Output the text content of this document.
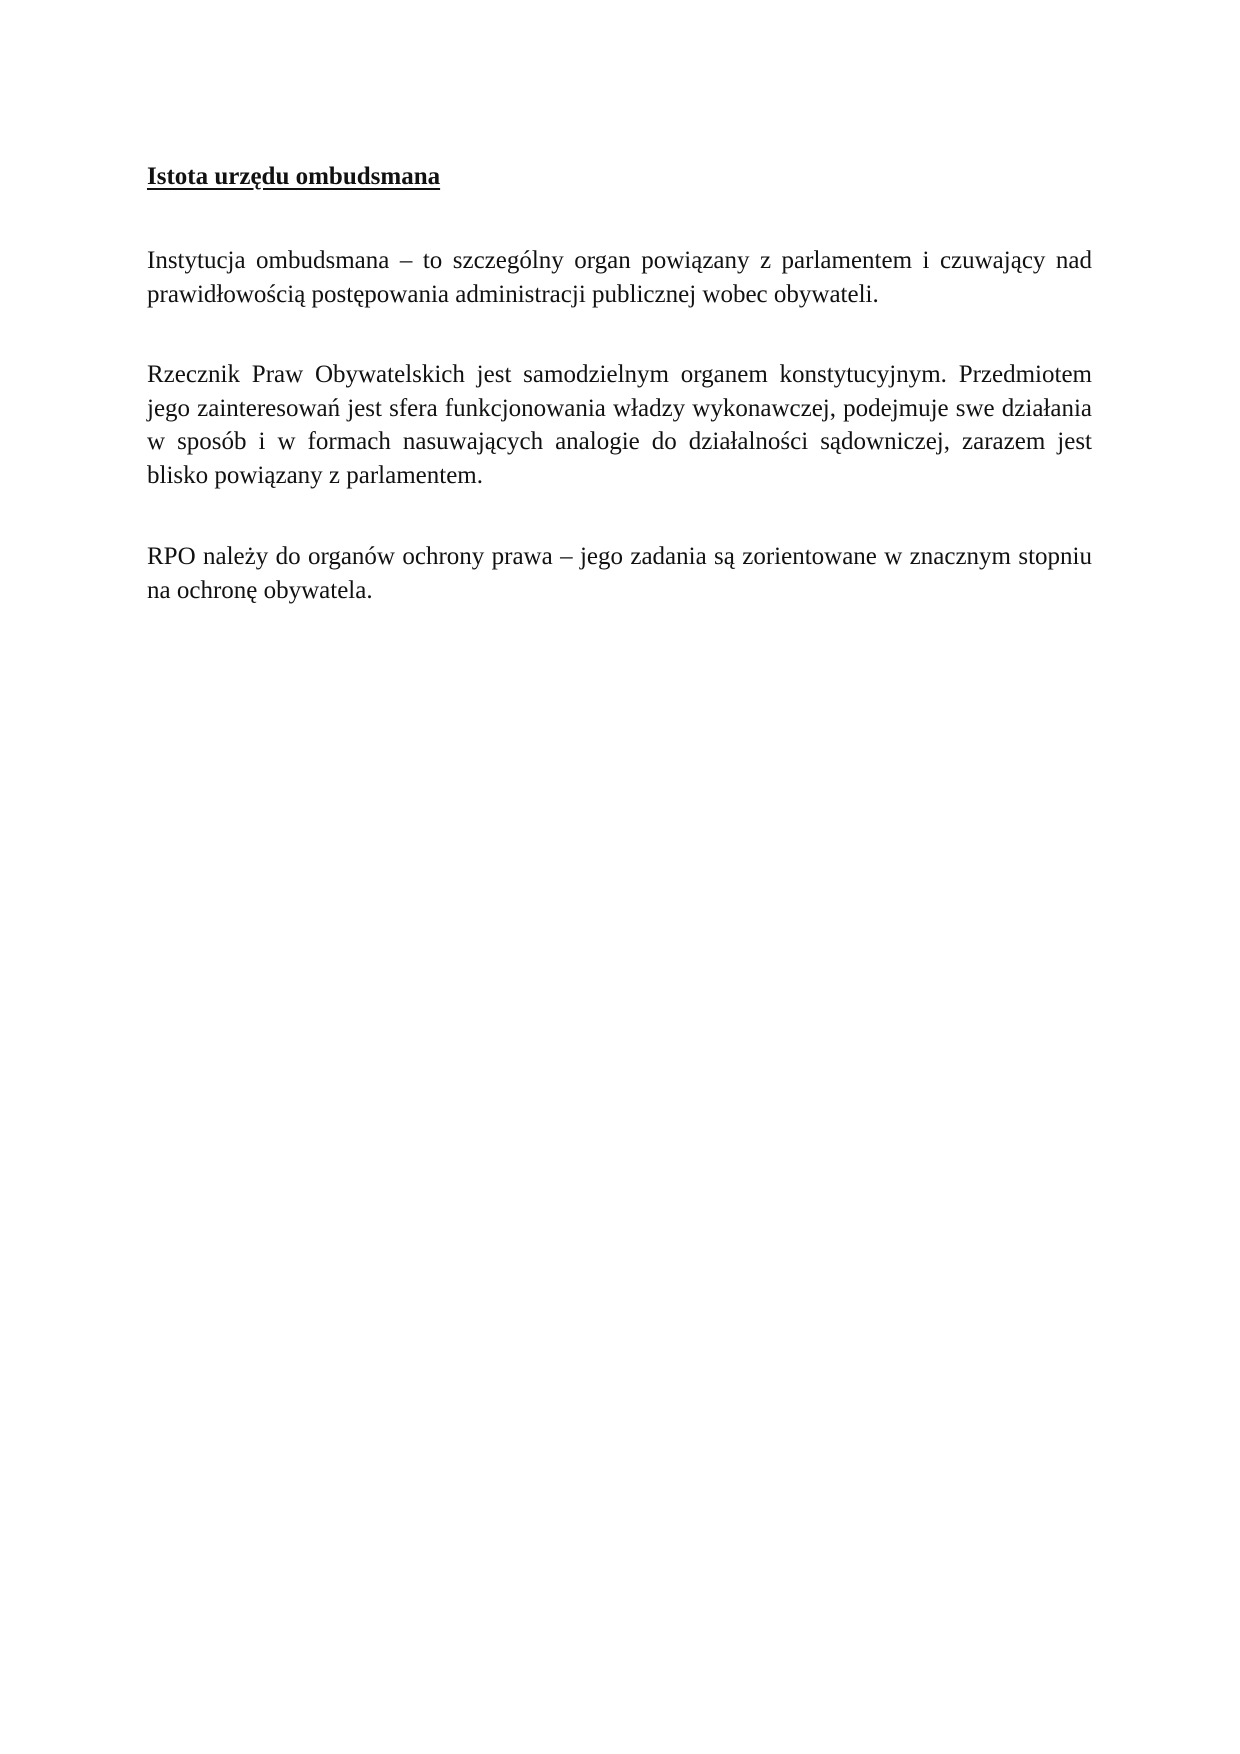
Istota urzędu ombudsmana

Instytucja ombudsmana – to szczególny organ powiązany z parlamentem i czuwający nad prawidłowością postępowania administracji publicznej wobec obywateli.

Rzecznik Praw Obywatelskich jest samodzielnym organem konstytucyjnym. Przedmiotem jego zainteresowań jest sfera funkcjonowania władzy wykonawczej, podejmuje swe działania w sposób i w formach nasuwających analogie do działalności sądowniczej, zarazem jest blisko powiązany z parlamentem.

RPO należy do organów ochrony prawa – jego zadania są zorientowane w znacznym stopniu na ochronę obywatela.
